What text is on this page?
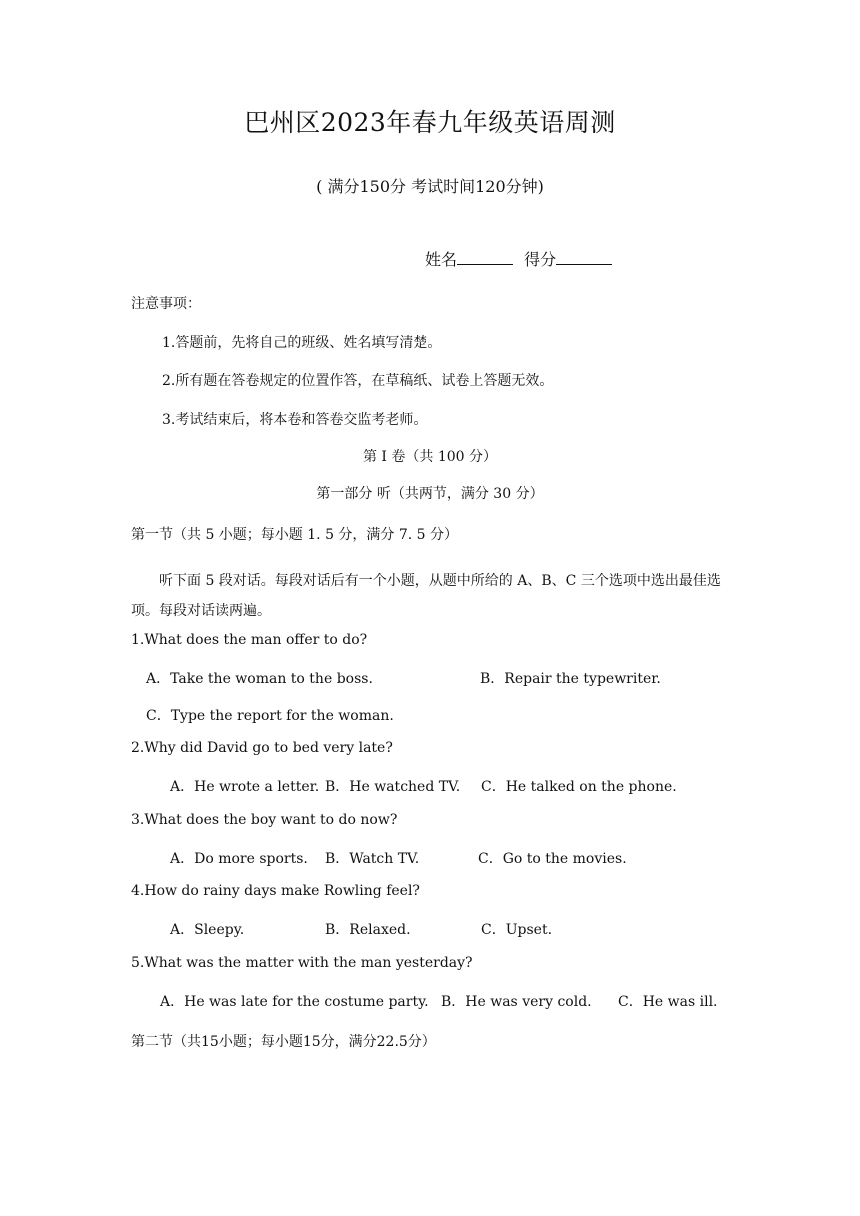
巴州区2023年春九年级英语周测
( 满分150分 考试时间120分钟)
姓名	得分
注意事项：
1.答题前，先将自己的班级、姓名填写清楚。
2.所有题在答卷规定的位置作答，在草稿纸、试卷上答题无效。
3.考试结束后，将本卷和答卷交监考老师。
第 I 卷（共 100 分）
第一部分 听（共两节，满分 30 分）
第一节（共 5 小题；每小题 1. 5 分，满分 7. 5 分）
听下面 5 段对话。每段对话后有一个小题，从题中所给的 A、B、C 三个选项中选出最佳选项。每段对话读两遍。
1.What does the man offer to do?
A．Take the woman to the boss.	B．Repair the typewriter.
C．Type the report for the woman.
2.Why did David go to bed very late?
A．He wrote a letter. B．He watched TV. C．He talked on the phone.
3.What does the boy want to do now?
A．Do more sports. B．Watch TV.	C．Go to the movies.
4.How do rainy days make Rowling feel?
A．Sleepy.	B．Relaxed.	C．Upset.
5.What was the matter with the man yesterday?
A．He was late for the costume party. B．He was very cold. C．He was ill.
第二节（共15小题；每小题15分，满分22.5分）
